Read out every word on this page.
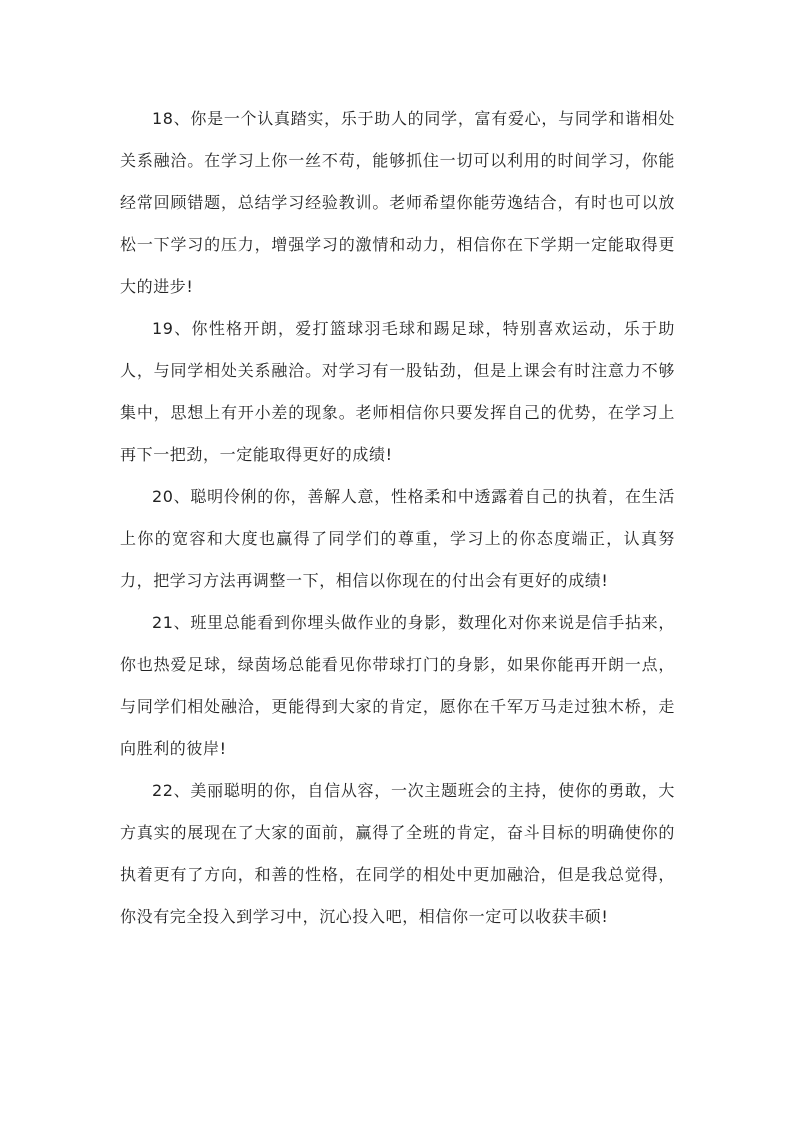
18、你是一个认真踏实，乐于助人的同学，富有爱心，与同学和谐相处关系融洽。在学习上你一丝不苟，能够抓住一切可以利用的时间学习，你能经常回顾错题，总结学习经验教训。老师希望你能劳逸结合，有时也可以放松一下学习的压力，增强学习的激情和动力，相信你在下学期一定能取得更大的进步!

19、你性格开朗，爱打篮球羽毛球和踢足球，特别喜欢运动，乐于助人，与同学相处关系融洽。对学习有一股钻劲，但是上课会有时注意力不够集中，思想上有开小差的现象。老师相信你只要发挥自己的优势，在学习上再下一把劲，一定能取得更好的成绩!

20、聪明伶俐的你，善解人意，性格柔和中透露着自己的执着，在生活上你的宽容和大度也赢得了同学们的尊重，学习上的你态度端正，认真努力，把学习方法再调整一下，相信以你现在的付出会有更好的成绩!

21、班里总能看到你埋头做作业的身影，数理化对你来说是信手拈来，你也热爱足球，绿茵场总能看见你带球打门的身影，如果你能再开朗一点，与同学们相处融洽，更能得到大家的肯定，愿你在千军万马走过独木桥，走向胜利的彼岸!

22、美丽聪明的你，自信从容，一次主题班会的主持，使你的勇敢，大方真实的展现在了大家的面前，赢得了全班的肯定，奋斗目标的明确使你的执着更有了方向，和善的性格，在同学的相处中更加融洽，但是我总觉得，你没有完全投入到学习中，沉心投入吧，相信你一定可以收获丰硕!
